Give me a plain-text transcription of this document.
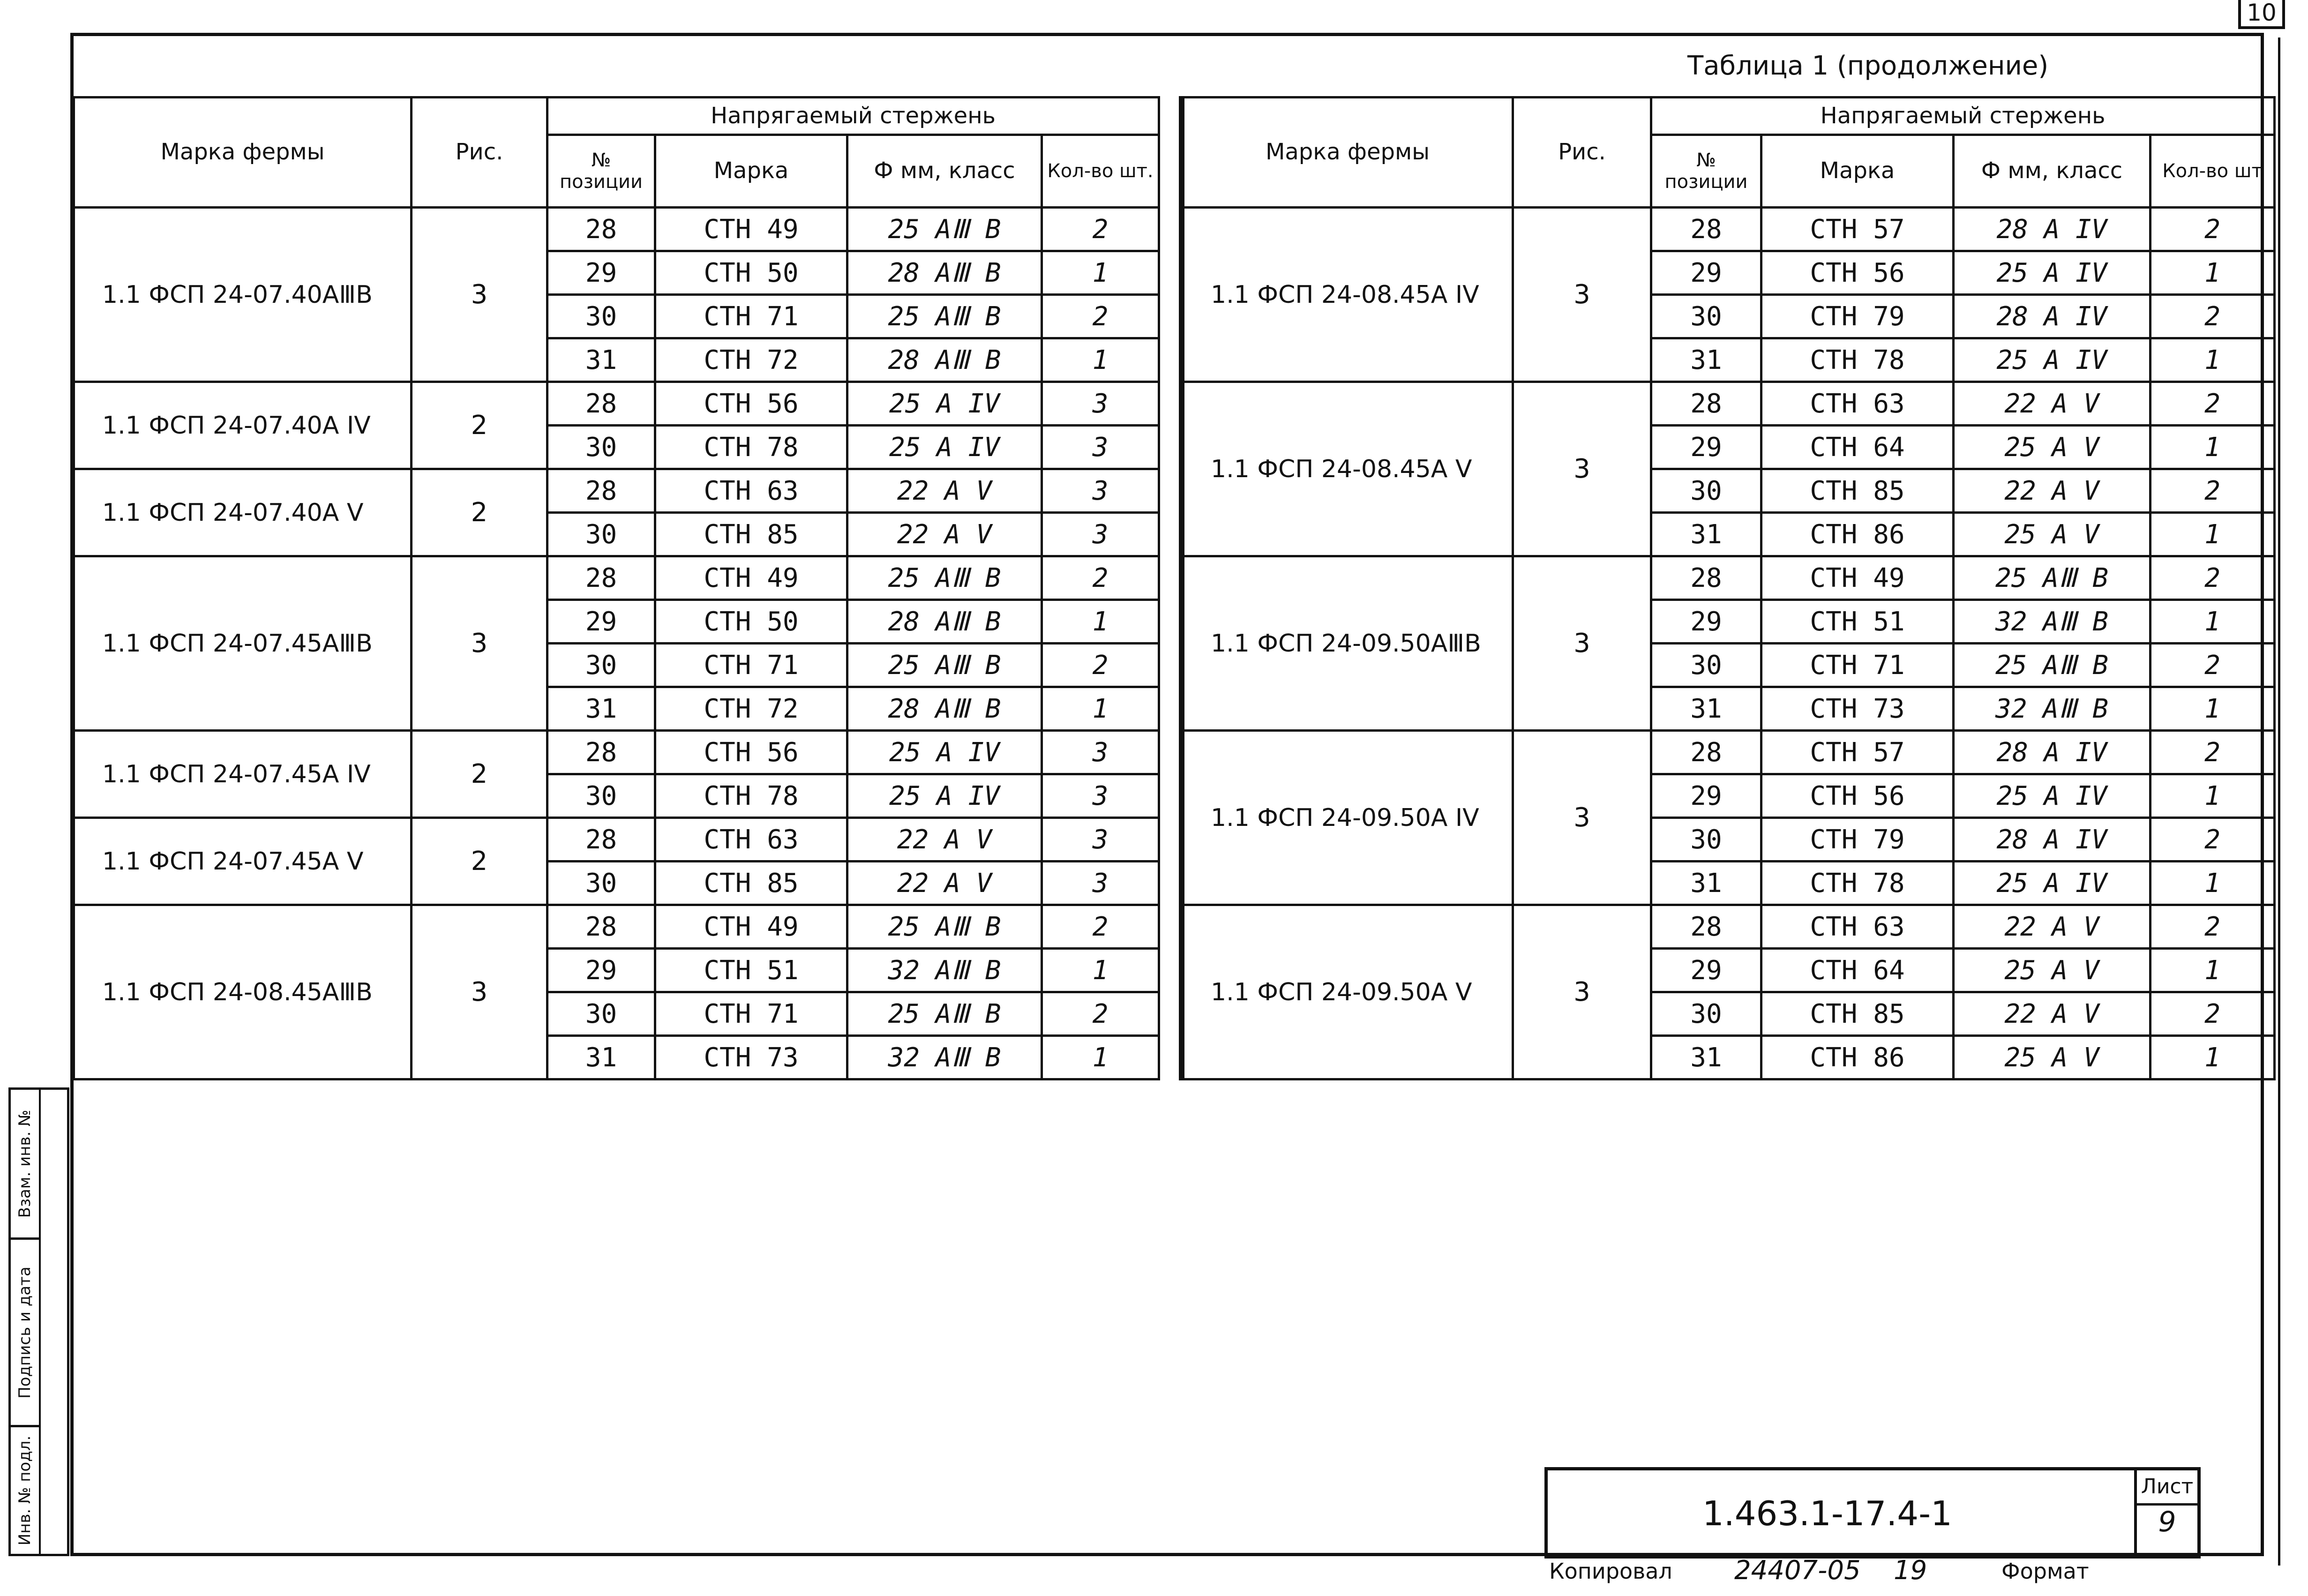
10
Таблица 1 (продолжение)
Марка фермы	Рис.	Напрягаемый стержень			
		№ позиции	Марка	Ф мм, класс	Кол-во шт.
1.1 ФСП 24-07.40АⅢВ	3	28	СТН 49	25 АⅢ В	2
		29	СТН 50	28 АⅢ В	1
		30	СТН 71	25 АⅢ В	2
		31	СТН 72	28 АⅢ В	1
1.1 ФСП 24-07.40А IV	2	28	СТН 56	25 А IV	3
		30	СТН 78	25 А IV	3
1.1 ФСП 24-07.40А V	2	28	СТН 63	22 А V	3
		30	СТН 85	22 А V	3
1.1 ФСП 24-07.45АⅢВ	3	28	СТН 49	25 АⅢ В	2
		29	СТН 50	28 АⅢ В	1
		30	СТН 71	25 АⅢ В	2
		31	СТН 72	28 АⅢ В	1
1.1 ФСП 24-07.45А IV	2	28	СТН 56	25 А IV	3
		30	СТН 78	25 А IV	3
1.1 ФСП 24-07.45А V	2	28	СТН 63	22 А V	3
		30	СТН 85	22 А V	3
1.1 ФСП 24-08.45АⅢВ	3	28	СТН 49	25 АⅢ В	2
		29	СТН 51	32 АⅢ В	1
		30	СТН 71	25 АⅢ В	2
		31	СТН 73	32 АⅢ В	1
Марка фермы	Рис.	Напрягаемый стержень			
		№ позиции	Марка	Ф мм, класс	Кол-во шт
1.1 ФСП 24-08.45А IV	3	28	СТН 57	28 А IV	2
		29	СТН 56	25 А IV	1
		30	СТН 79	28 А IV	2
		31	СТН 78	25 А IV	1
1.1 ФСП 24-08.45А V	3	28	СТН 63	22 А V	2
		29	СТН 64	25 А V	1
		30	СТН 85	22 А V	2
		31	СТН 86	25 А V	1
1.1 ФСП 24-09.50АⅢВ	3	28	СТН 49	25 АⅢ В	2
		29	СТН 51	32 АⅢ В	1
		30	СТН 71	25 АⅢ В	2
		31	СТН 73	32 АⅢ В	1
1.1 ФСП 24-09.50А IV	3	28	СТН 57	28 А IV	2
		29	СТН 56	25 А IV	1
		30	СТН 79	28 А IV	2
		31	СТН 78	25 А IV	1
1.1 ФСП 24-09.50А V	3	28	СТН 63	22 А V	2
		29	СТН 64	25 А V	1
		30	СТН 85	22 А V	2
		31	СТН 86	25 А V	1
Взам. инв. №
Подпись и дата
Инв. № подл.	1.463.1-17.4-1
Лист
9
Копировал 24407-05 19	Формат
